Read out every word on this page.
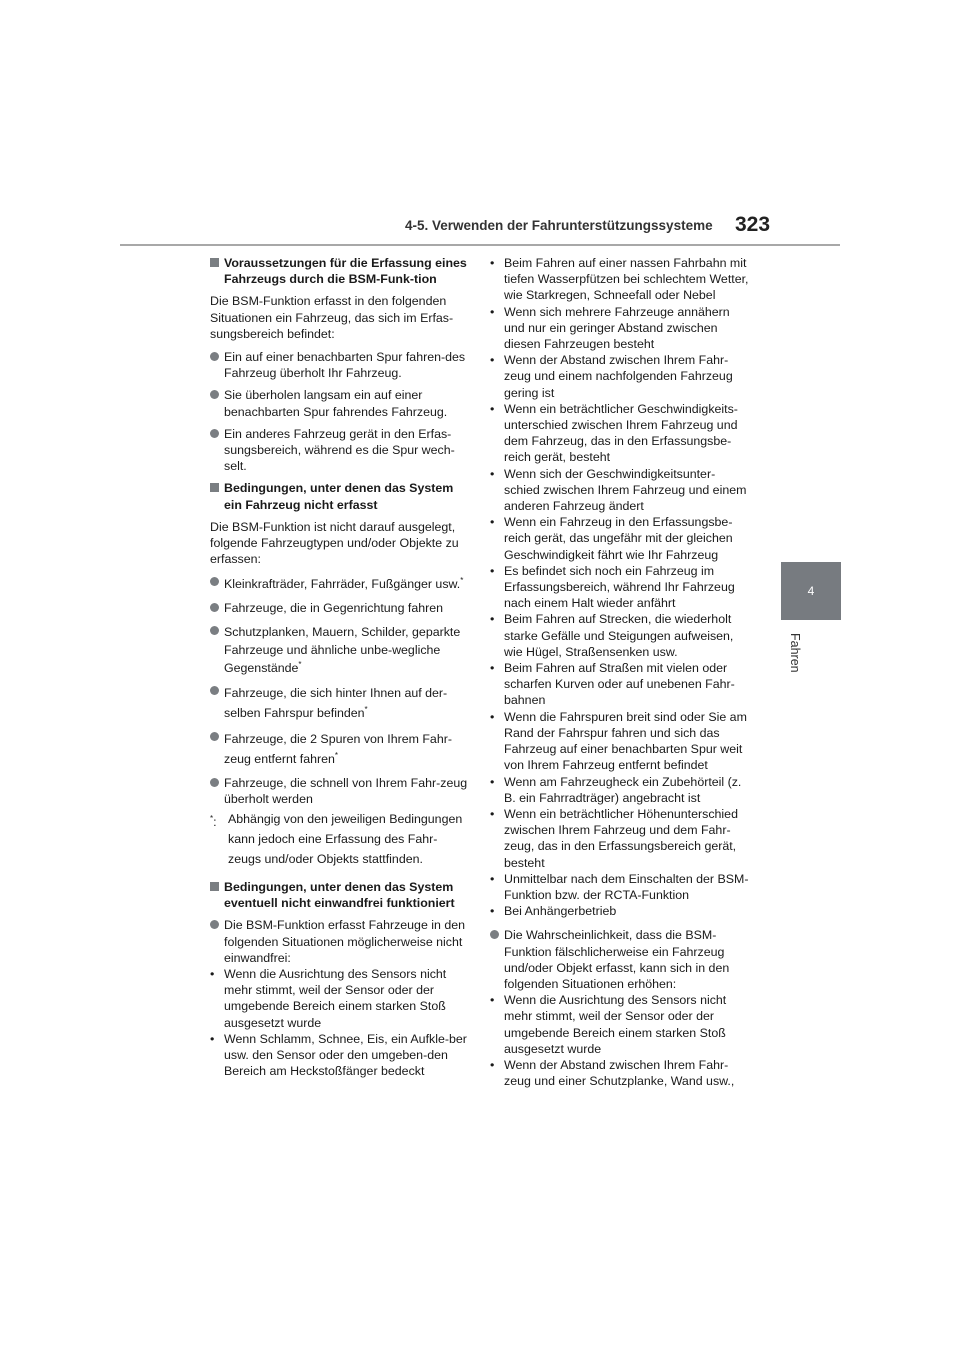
4-5. Verwenden der Fahrunterstützungssysteme 323
4
Fahren
Voraussetzungen für die Erfassung eines Fahrzeugs durch die BSM-Funk-tion

Die BSM-Funktion erfasst in den folgenden Situationen ein Fahrzeug, das sich im Erfas-sungsbereich befindet:

Ein auf einer benachbarten Spur fahren-des Fahrzeug überholt Ihr Fahrzeug.
Sie überholen langsam ein auf einer benachbarten Spur fahrendes Fahrzeug.
Ein anderes Fahrzeug gerät in den Erfas-sungsbereich, während es die Spur wech-selt.
Bedingungen, unter denen das System ein Fahrzeug nicht erfasst

Die BSM-Funktion ist nicht darauf ausgelegt, folgende Fahrzeugtypen und/oder Objekte zu erfassen:

Kleinkrafträder, Fahrräder, Fußgänger usw.*
Fahrzeuge, die in Gegenrichtung fahren
Schutzplanken, Mauern, Schilder, geparkte Fahrzeuge und ähnliche unbe-wegliche Gegenstände*
Fahrzeuge, die sich hinter Ihnen auf der-selben Fahrspur befinden*
Fahrzeuge, die 2 Spuren von Ihrem Fahr-zeug entfernt fahren*
Fahrzeuge, die schnell von Ihrem Fahr-zeug überholt werden
*: Abhängig von den jeweiligen Bedingungen kann jedoch eine Erfassung des Fahr-zeugs und/oder Objekts stattfinden.
Bedingungen, unter denen das System eventuell nicht einwandfrei funktioniert
Die BSM-Funktion erfasst Fahrzeuge in den folgenden Situationen möglicherweise nicht einwandfrei:
• Wenn die Ausrichtung des Sensors nicht mehr stimmt, weil der Sensor oder der umgebende Bereich einem starken Stoß ausgesetzt wurde
• Wenn Schlamm, Schnee, Eis, ein Aufkle-ber usw. den Sensor oder den umgeben-den Bereich am Heckstoßfänger bedeckt
• Beim Fahren auf einer nassen Fahrbahn mit tiefen Wasserpfützen bei schlechtem Wetter, wie Starkregen, Schneefall oder Nebel
• Wenn sich mehrere Fahrzeuge annähern und nur ein geringer Abstand zwischen diesen Fahrzeugen besteht
• Wenn der Abstand zwischen Ihrem Fahr-zeug und einem nachfolgenden Fahrzeug gering ist
• Wenn ein beträchtlicher Geschwindigkeits-unterschied zwischen Ihrem Fahrzeug und dem Fahrzeug, das in den Erfassungsbe-reich gerät, besteht
• Wenn sich der Geschwindigkeitsunter-schied zwischen Ihrem Fahrzeug und einem anderen Fahrzeug ändert
• Wenn ein Fahrzeug in den Erfassungsbe-reich gerät, das ungefähr mit der gleichen Geschwindigkeit fährt wie Ihr Fahrzeug
• Es befindet sich noch ein Fahrzeug im Erfassungsbereich, während Ihr Fahrzeug nach einem Halt wieder anfährt
• Beim Fahren auf Strecken, die wiederholt starke Gefälle und Steigungen aufweisen, wie Hügel, Straßensenken usw.
• Beim Fahren auf Straßen mit vielen oder scharfen Kurven oder auf unebenen Fahr-bahnen
• Wenn die Fahrspuren breit sind oder Sie am Rand der Fahrspur fahren und sich das Fahrzeug auf einer benachbarten Spur weit von Ihrem Fahrzeug entfernt befindet
• Wenn am Fahrzeugheck ein Zubehörteil (z. B. ein Fahrradträger) angebracht ist
• Wenn ein beträchtlicher Höhenunterschied zwischen Ihrem Fahrzeug und dem Fahr-zeug, das in den Erfassungsbereich gerät, besteht
• Unmittelbar nach dem Einschalten der BSM-Funktion bzw. der RCTA-Funktion
• Bei Anhängerbetrieb
Die Wahrscheinlichkeit, dass die BSM-Funktion fälschlicherweise ein Fahrzeug und/oder Objekt erfasst, kann sich in den folgenden Situationen erhöhen:
• Wenn die Ausrichtung des Sensors nicht mehr stimmt, weil der Sensor oder der umgebende Bereich einem starken Stoß ausgesetzt wurde
• Wenn der Abstand zwischen Ihrem Fahr-zeug und einer Schutzplanke, Wand usw.,
